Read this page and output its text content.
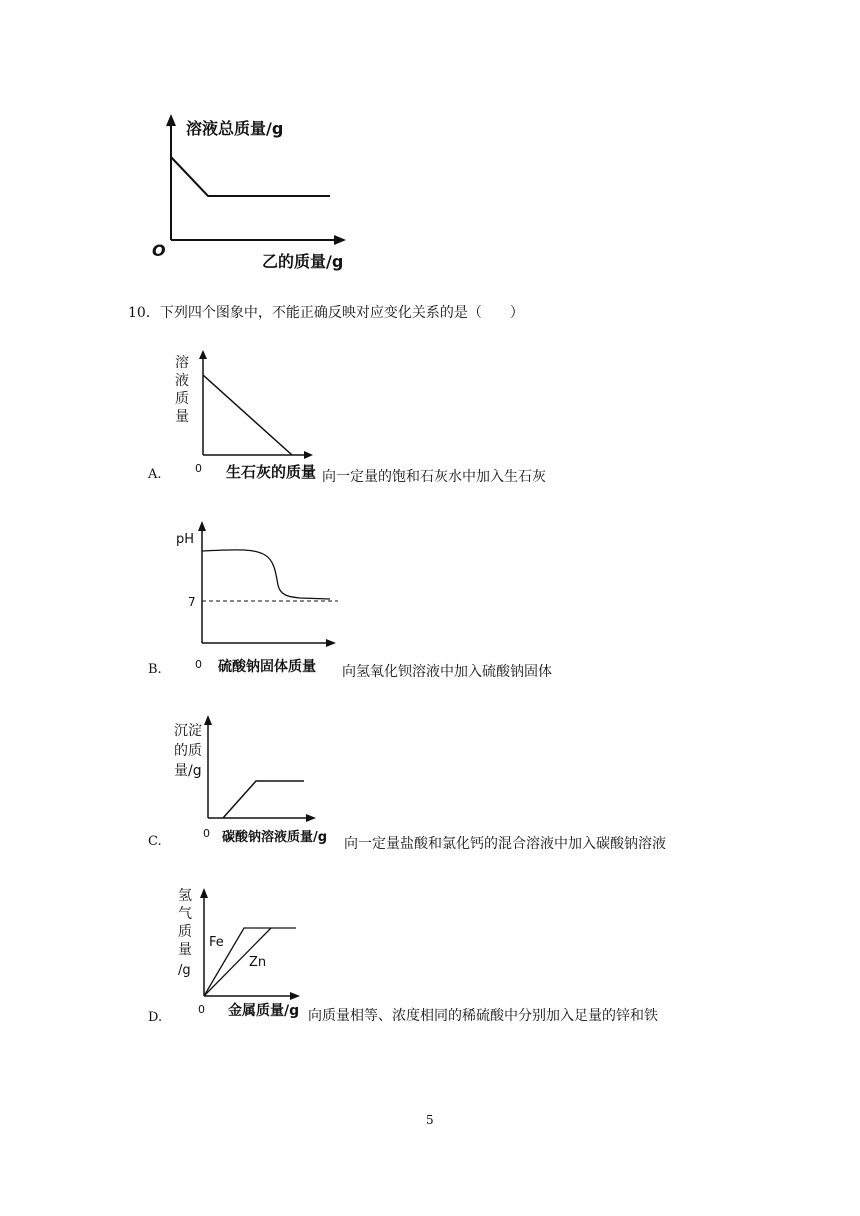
溶液总质量/g
乙的质量/g
O
10．下列四个图象中，不能正确反映对应变化关系的是（　　）
溶
液
质
量
0
A.	生石灰的质量 向一定量的饱和石灰水中加入生石灰
pH
7
0
B.	硫酸钠固体质量 向氢氧化钡溶液中加入硫酸钠固体
沉淀
的质
量/g
0
C.	碳酸钠溶液质量/g 向一定量盐酸和氯化钙的混合溶液中加入碳酸钠溶液
Fe
Zn
氢
气
质
量
/g
0
D.	金属质量/g 向质量相等、浓度相同的稀硫酸中分别加入足量的锌和铁
5
